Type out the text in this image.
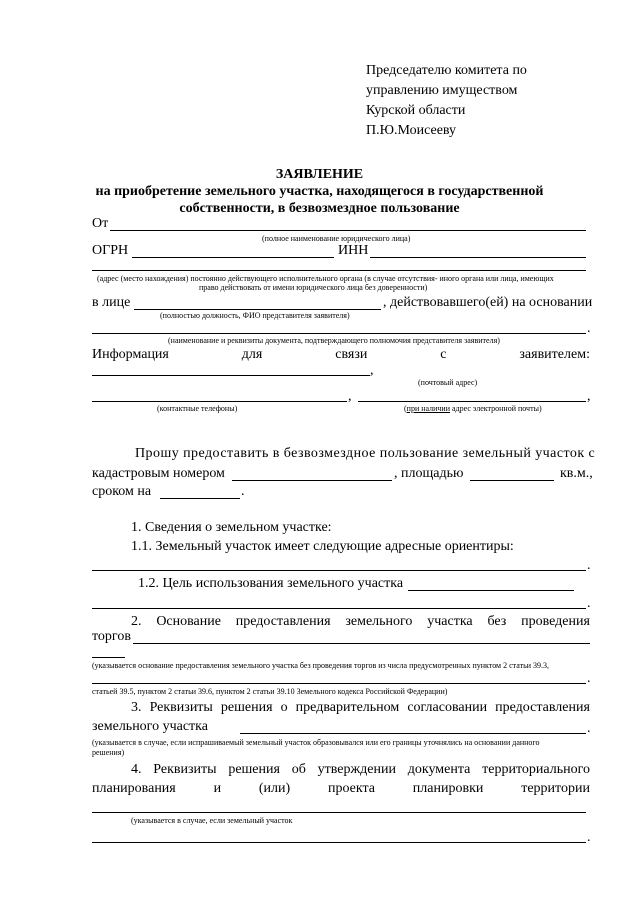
Председателю комитета по
управлению имуществом
Курской области
П.Ю.Моисееву
ЗАЯВЛЕНИЕ
на приобретение земельного участка, находящегося в государственной
собственности, в безвозмездное пользование
От
(полное наименование юридического лица)
ОГРН	ИНН
(адрес (место нахождения) постоянно действующего исполнительного органа (в случае отсутствия- иного органа или лица, имеющих
право действовать от имени юридического лица без доверенности)
в лице	, действовавшего(ей) на основании
(полностью должность, ФИО представителя заявителя)
.
(наименование и реквизиты документа, подтверждающего полномочия представителя заявителя)
Информация	для	связи	с	заявителем:
,
(почтовый адрес)
,	,
(контактные телефоны)	(при наличии адрес электронной почты)
Прошу предоставить в безвозмездное пользование земельный участок с
кадастровым номером	, площадью	кв.м.,
сроком на	.
1. Сведения о земельном участке:
1.1. Земельный участок имеет следующие адресные ориентиры:
.
1.2. Цель использования земельного участка
.
2. Основание предоставления земельного участка без проведения
торгов
(указывается основание предоставления земельного участка без проведения торгов из числа предусмотренных пунктом 2 статьи 39.3,
.
статьей 39.5, пунктом 2 статьи 39.6, пунктом 2 статьи 39.10 Земельного кодекса Российской Федерации)
3. Реквизиты решения о предварительном согласовании предоставления
земельного участка	.
(указывается в случае, если испрашиваемый земельный участок образовывался или его границы уточнялись на основании данного
решения)
4. Реквизиты решения об утверждении документа территориального
планирования	и	(или)	проекта	планировки	территории
(указывается в случае, если земельный участок
.
